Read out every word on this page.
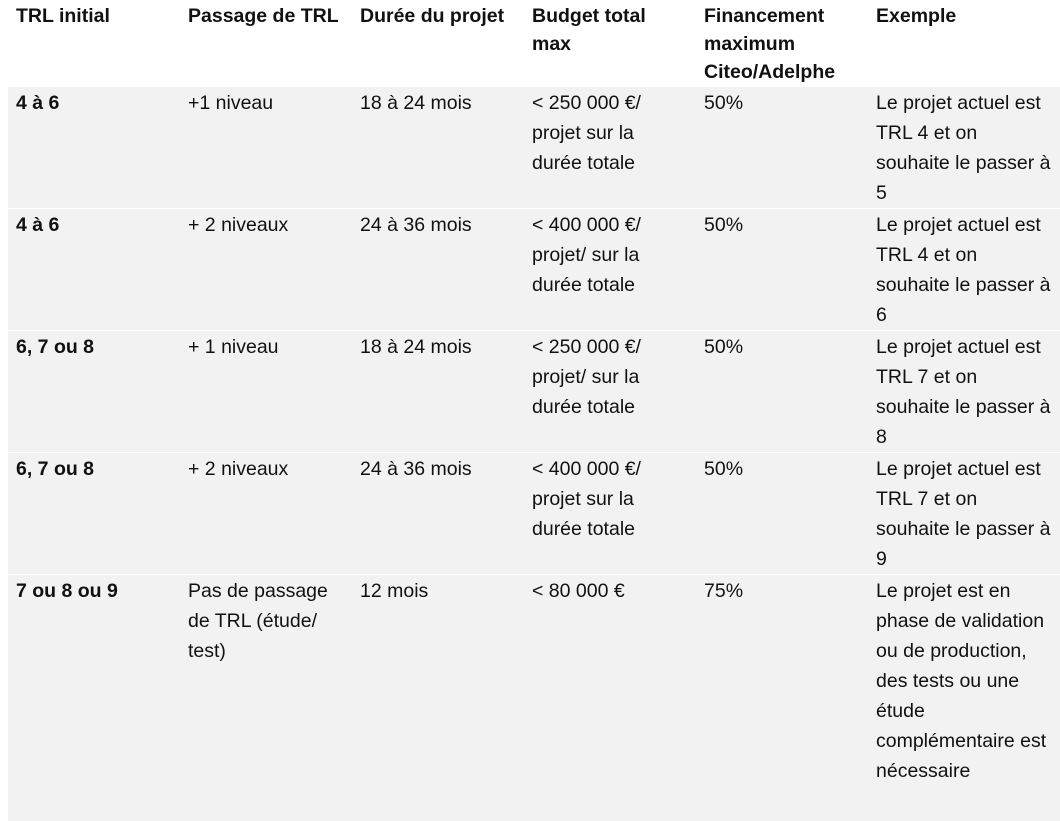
TRL initial	Passage de TRL	Durée du projet	Budget total max	Financement maximum Citeo/Adelphe	Exemple
4 à 6	+1 niveau	18 à 24 mois	< 250 000 €/ projet sur la durée totale	50%	Le projet actuel est TRL 4 et on souhaite le passer à 5
4 à 6	+ 2 niveaux	24 à 36 mois	< 400 000 €/ projet/ sur la durée totale	50%	Le projet actuel est TRL 4 et on souhaite le passer à 6
6, 7 ou 8	+ 1 niveau	18 à 24 mois	< 250 000 €/ projet/ sur la durée totale	50%	Le projet actuel est TRL 7 et on souhaite le passer à 8
6, 7 ou 8	+ 2 niveaux	24 à 36 mois	< 400 000 €/ projet sur la durée totale	50%	Le projet actuel est TRL 7 et on souhaite le passer à 9
7 ou 8 ou 9	Pas de passage de TRL (étude/ test)	12 mois	< 80 000 €	75%	Le projet est en phase de validation ou de production, des tests ou une étude complémentaire est nécessaire
